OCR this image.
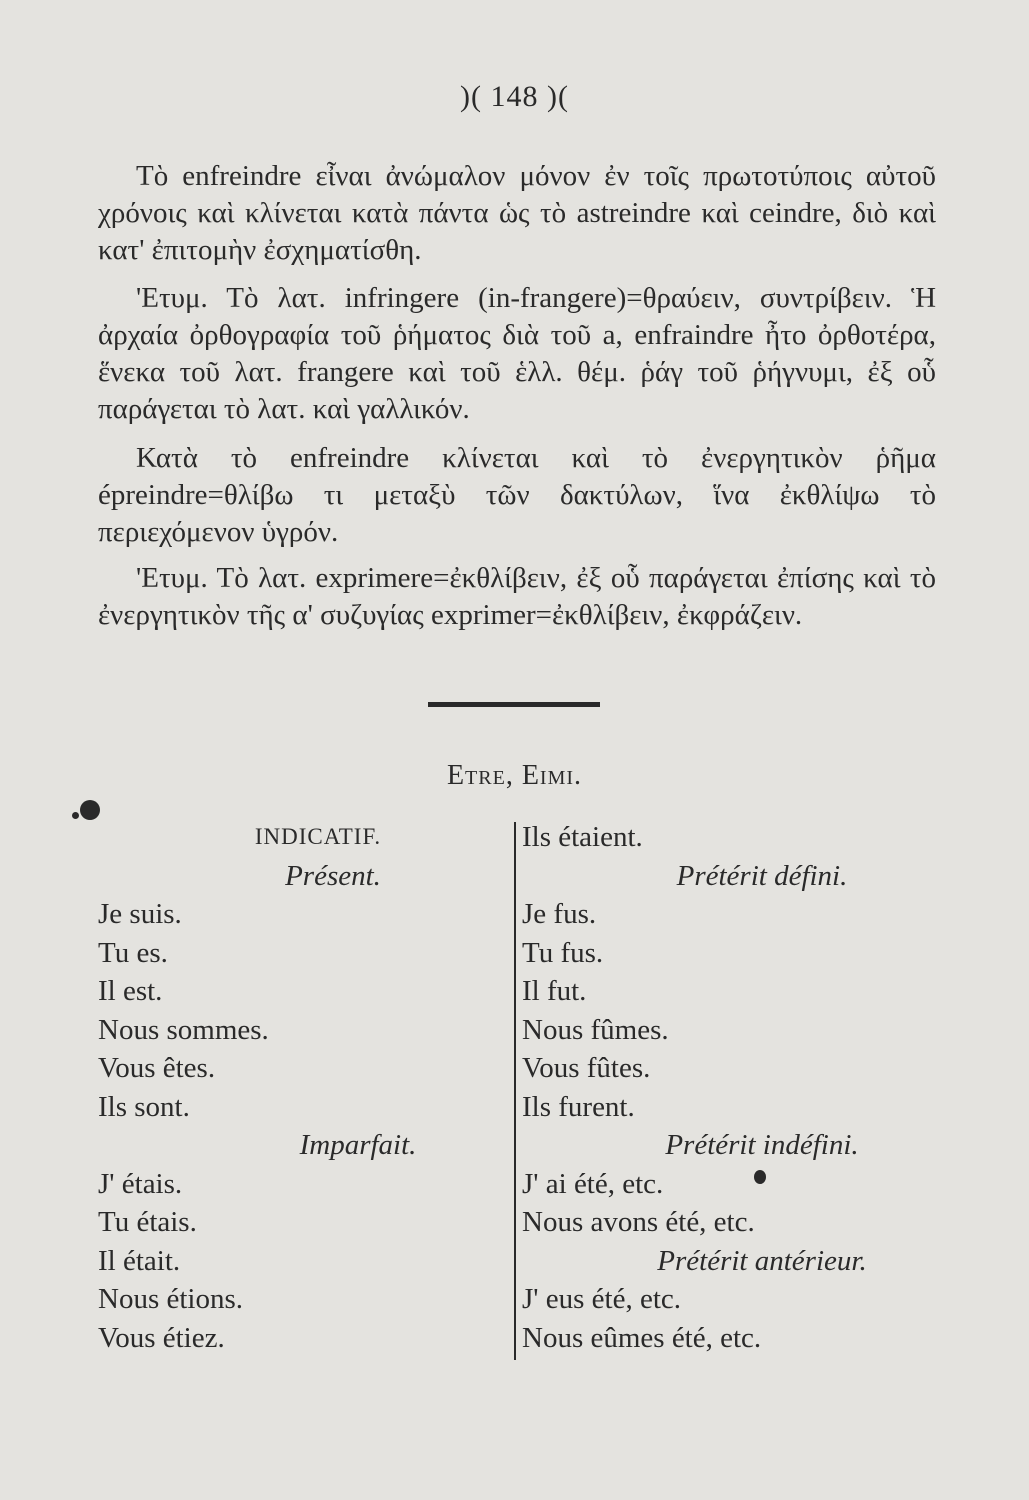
)( 148 )(

Τὸ enfreindre εἶναι ἀνώμαλον μόνον ἐν τοῖς πρωτοτύποις αὐτοῦ χρόνοις καὶ κλίνεται κατὰ πάντα ὡς τὸ astreindre καὶ ceindre, διὸ καὶ κατ' ἐπιτομὴν ἐσχηματίσθη.

'Ετυμ. Τὸ λατ. infringere (in-frangere)=θραύειν, συντρίβειν. Ἡ ἀρχαία ὀρθογραφία τοῦ ῥήματος διὰ τοῦ a, enfraindre ἦτο ὀρθοτέρα, ἕνεκα τοῦ λατ. frangere καὶ τοῦ ἑλλ. θέμ. ῥάγ τοῦ ῥήγνυμι, ἐξ οὗ παράγεται τὸ λατ. καὶ γαλλικόν.

Κατὰ τὸ enfreindre κλίνεται καὶ τὸ ἐνεργητικὸν ῥῆμα épreindre=θλίβω τι μεταξὺ τῶν δακτύλων, ἵνα ἐκθλίψω τὸ περιεχόμενον ὑγρόν.

'Ετυμ. Τὸ λατ. exprimere=ἐκθλίβειν, ἐξ οὗ παράγεται ἐπίσης καὶ τὸ ἐνεργητικὸν τῆς α' συζυγίας exprimer=ἐκθλίβειν, ἐκφράζειν.

Etre, Eimi.
INDICATIF.
Présent.
Je suis.
Tu es.
Il est.
Nous sommes.
Vous êtes.
Ils sont.
Imparfait.
J' étais.
Tu étais.
Il était.
Nous étions.
Vous étiez.
Ils étaient.
Prétérit défini.
Je fus.
Tu fus.
Il fut.
Nous fûmes.
Vous fûtes.
Ils furent.
Prétérit indéfini.
J' ai été, etc.
Nous avons été, etc.
Prétérit antérieur.
J' eus été, etc.
Nous eûmes été, etc.
